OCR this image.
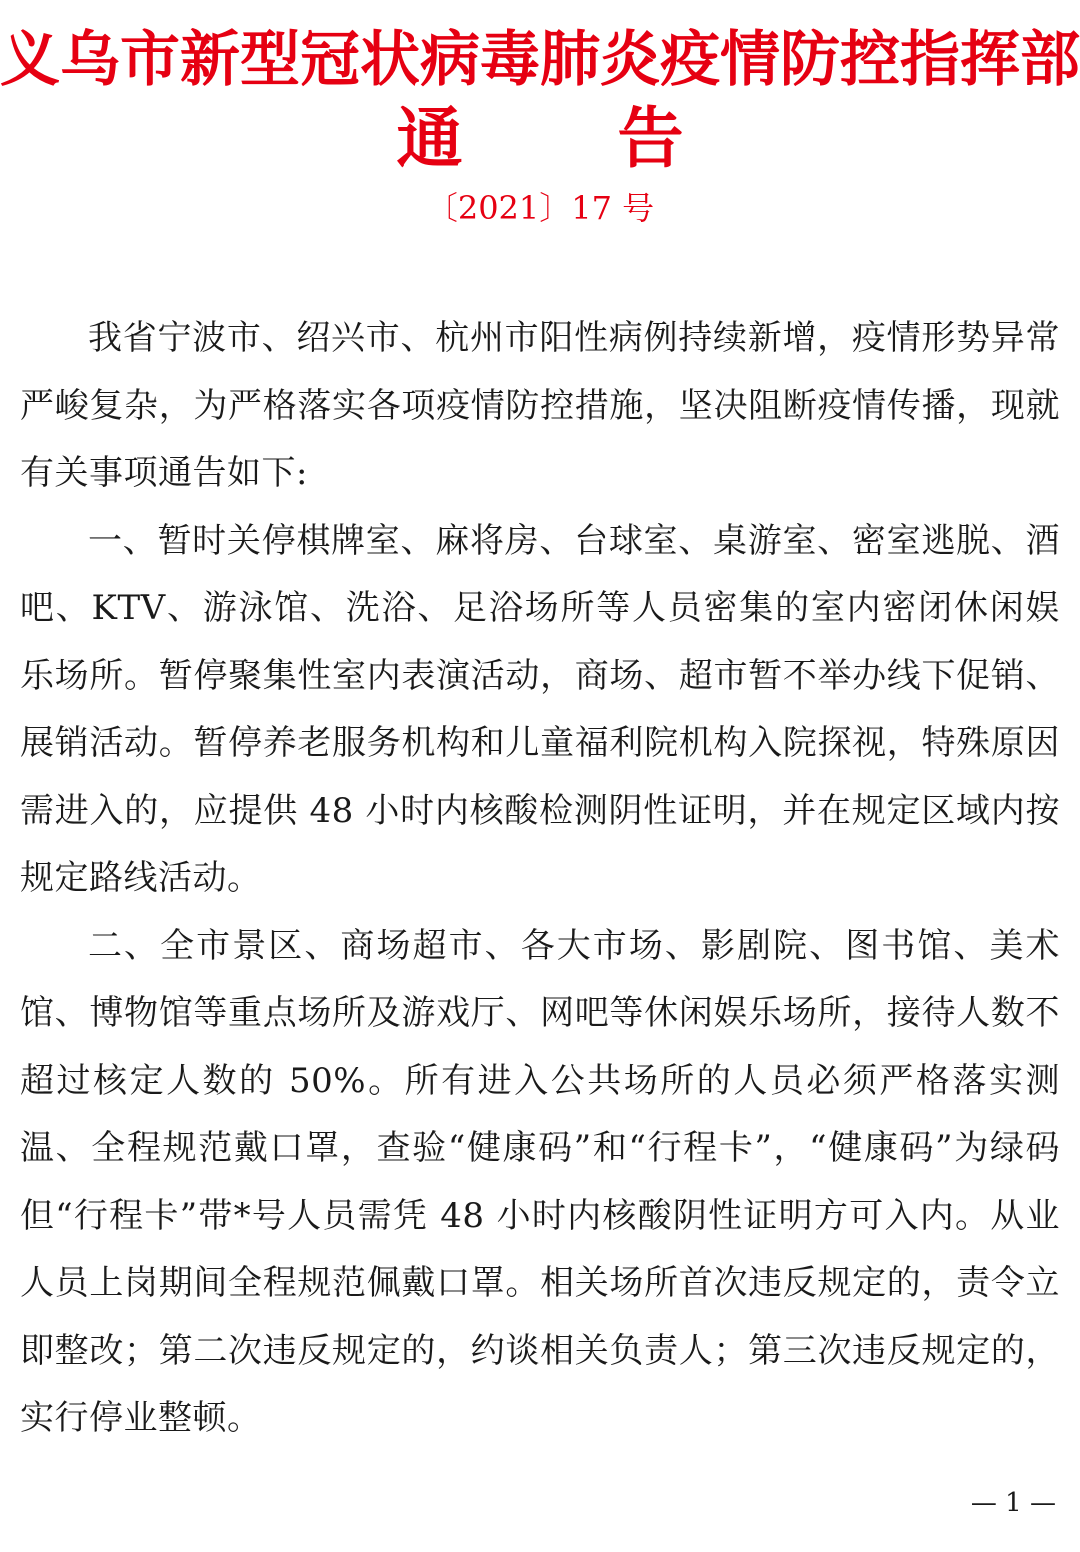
义乌市新型冠状病毒肺炎疫情防控指挥部
通 告

〔2021〕17 号

我省宁波市、绍兴市、杭州市阳性病例持续新增，疫情形势异常严峻复杂，为严格落实各项疫情防控措施，坚决阻断疫情传播，现就有关事项通告如下:

一、暂时关停棋牌室、麻将房、台球室、桌游室、密室逃脱、酒吧、KTV、游泳馆、洗浴、足浴场所等人员密集的室内密闭休闲娱乐场所。暂停聚集性室内表演活动，商场、超市暂不举办线下促销、展销活动。暂停养老服务机构和儿童福利院机构入院探视，特殊原因需进入的，应提供 48 小时内核酸检测阴性证明，并在规定区域内按规定路线活动。

二、全市景区、商场超市、各大市场、影剧院、图书馆、美术馆、博物馆等重点场所及游戏厅、网吧等休闲娱乐场所，接待人数不超过核定人数的 50%。所有进入公共场所的人员必须严格落实测温、全程规范戴口罩，查验“健康码”和“行程卡”，“健康码”为绿码但“行程卡”带*号人员需凭 48 小时内核酸阴性证明方可入内。从业人员上岗期间全程规范佩戴口罩。相关场所首次违反规定的，责令立即整改；第二次违反规定的，约谈相关负责人；第三次违反规定的，实行停业整顿。

— 1 —
